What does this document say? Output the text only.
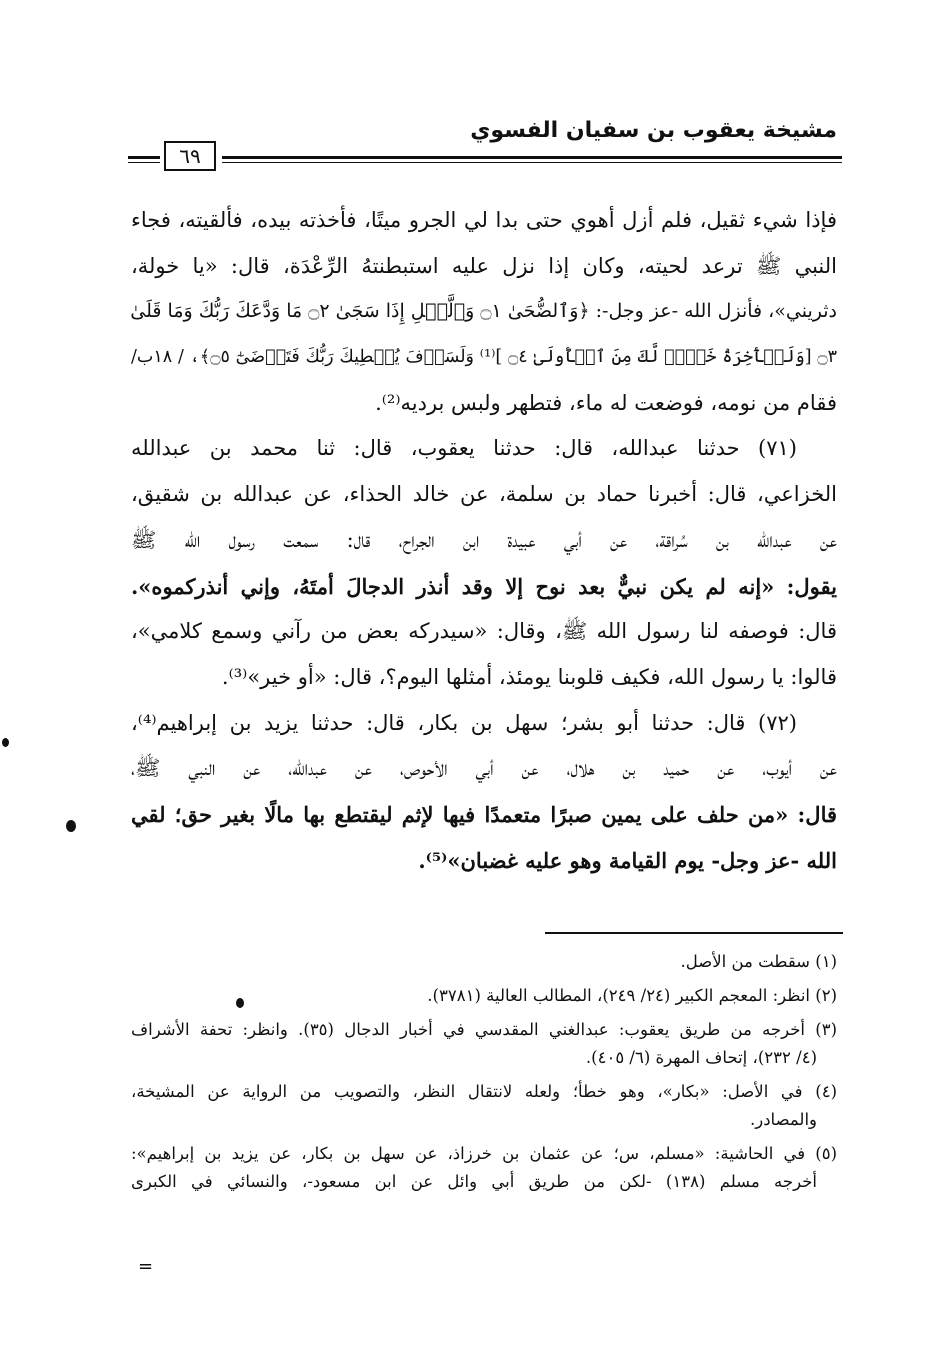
مشيخة يعقوب بن سفيان الفسوي
٦٩
فإذا شيء ثقيل، فلم أزل أهوي حتى بدا لي الجرو ميتًا، فأخذته بيده، فألقيته، فجاء
النبي ﷺ ترعد لحيته، وكان إذا نزل عليه استبطنتهُ الرِّعْدَة، قال: «يا خولة،
دثريني»، فأنزل الله -عز وجل-: ﴿وَٱلضُّحَىٰ ۝١ وَٱلَّيۡلِ إِذَا سَجَىٰ ۝٢ مَا وَدَّعَكَ رَبُّكَ وَمَا قَلَىٰ
۝٣ [وَلَلۡأٓخِرَةُ خَيۡرٞ لَّكَ مِنَ ٱلۡأُولَىٰ ۝٤ ]⁽¹⁾ وَلَسَوۡفَ يُعۡطِيكَ رَبُّكَ فَتَرۡضَىٰٓ ۝٥﴾، / ١٨ب/
فقام من نومه، فوضعت له ماء، فتطهر ولبس برديه⁽²⁾.
(٧١) حدثنا عبدالله، قال: حدثنا يعقوب، قال: ثنا محمد بن عبدالله
الخزاعي، قال: أخبرنا حماد بن سلمة، عن خالد الحذاء، عن عبدالله بن شقيق،
عن عبدالله بن سُراقة، عن أبي عبيدة ابن الجراح، قال: سمعت رسول الله ﷺ
يقول: «إنه لم يكن نبيٌّ بعد نوح إلا وقد أنذر الدجالَ أمتَهُ، وإني أنذركموه».
قال: فوصفه لنا رسول الله ﷺ، وقال: «سيدركه بعض من رآني وسمع كلامي»،
قالوا: يا رسول الله، فكيف قلوبنا يومئذ، أمثلها اليوم؟، قال: «أو خير»⁽³⁾.
(٧٢) قال: حدثنا أبو بشر؛ سهل بن بكار، قال: حدثنا يزيد بن إبراهيم⁽⁴⁾،
عن أيوب، عن حميد بن هلال، عن أبي الأحوص، عن عبدالله، عن النبي ﷺ،
قال: «من حلف على يمين صبرًا متعمدًا فيها لإثم ليقتطع بها مالًا بغير حق؛ لقي
الله -عز وجل- يوم القيامة وهو عليه غضبان»⁽⁵⁾.
(١) سقطت من الأصل.
(٢) انظر: المعجم الكبير (٢٤/ ٢٤٩)، المطالب العالية (٣٧٨١).
(٣) أخرجه من طريق يعقوب: عبدالغني المقدسي في أخبار الدجال (٣٥). وانظر: تحفة الأشراف
(٤/ ٢٣٢)، إتحاف المهرة (٦/ ٤٠٥).
(٤) في الأصل: «بكار»، وهو خطأ؛ ولعله لانتقال النظر، والتصويب من الرواية عن المشيخة،
والمصادر.
(٥) في الحاشية: «مسلم، س؛ عن عثمان بن خرزاذ، عن سهل بن بكار، عن يزيد بن إبراهيم»:
أخرجه مسلم (١٣٨) -لكن من طريق أبي وائل عن ابن مسعود-، والنسائي في الكبرى
=
